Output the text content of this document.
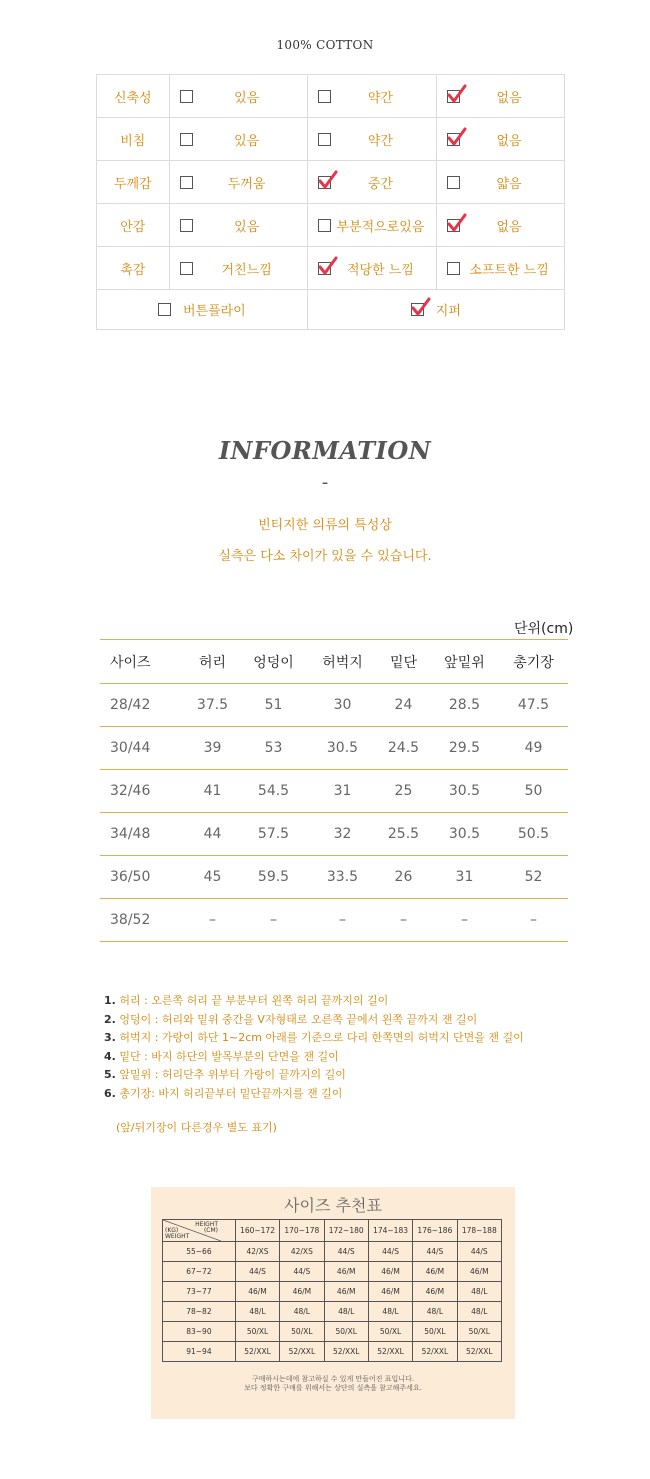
100% COTTON
신축성	있음	약간	없음

비침	있음	약간	없음

두께감	두꺼움	중간	얇음

안감	있음	부분적으로있음	없음

촉감	거친느낌	적당한 느낌	소프트한 느낌

버튼플라이		지퍼	
INFORMATION
-
빈티지한 의류의 특성상
실측은 다소 차이가 있을 수 있습니다.
단위(cm)
사이즈	허리	엉덩이	허벅지	밑단	앞밑위	총기장
28/42	37.5	51	30	24	28.5	47.5
30/44	39	53	30.5	24.5	29.5	49
32/46	41	54.5	31	25	30.5	50
34/48	44	57.5	32	25.5	30.5	50.5
36/50	45	59.5	33.5	26	31	52
38/52	–	–	–	–	–	–
1. 허리 : 오른쪽 허리 끝 부분부터 왼쪽 허리 끝까지의 길이
2. 엉덩이 : 허리와 밑위 중간을 V자형태로 오른쪽 끝에서 왼쪽 끝까지 잰 길이
3. 허벅지 : 가랑이 하단 1~2cm 아래를 기준으로 다리 한쪽면의 허벅지 단면을 잰 길이
4. 밑단 : 바지 하단의 발목부분의 단면을 잰 길이
5. 앞밑위 : 허리단추 위부터 가랑이 끝까지의 길이
6. 총기장: 바지 허리끝부터 밑단끝까지를 잰 길이
(앞/뒤기장이 다른경우 별도 표기)
사이즈 추천표
HEIGHT
(CM)
(KG)
WEIGHT	160~172	170~178	172~180	174~183	176~186	178~188
55~66	42/XS	42/XS	44/S	44/S	44/S	44/S
67~72	44/S	44/S	46/M	46/M	46/M	46/M
73~77	46/M	46/M	46/M	46/M	46/M	48/L
78~82	48/L	48/L	48/L	48/L	48/L	48/L
83~90	50/XL	50/XL	50/XL	50/XL	50/XL	50/XL
91~94	52/XXL	52/XXL	52/XXL	52/XXL	52/XXL	52/XXL
구매하시는데에 참고하실 수 있게 만들어진 표입니다.
보다 정확한 구매를 위해서는 상단의 실측을 참고해주세요.
